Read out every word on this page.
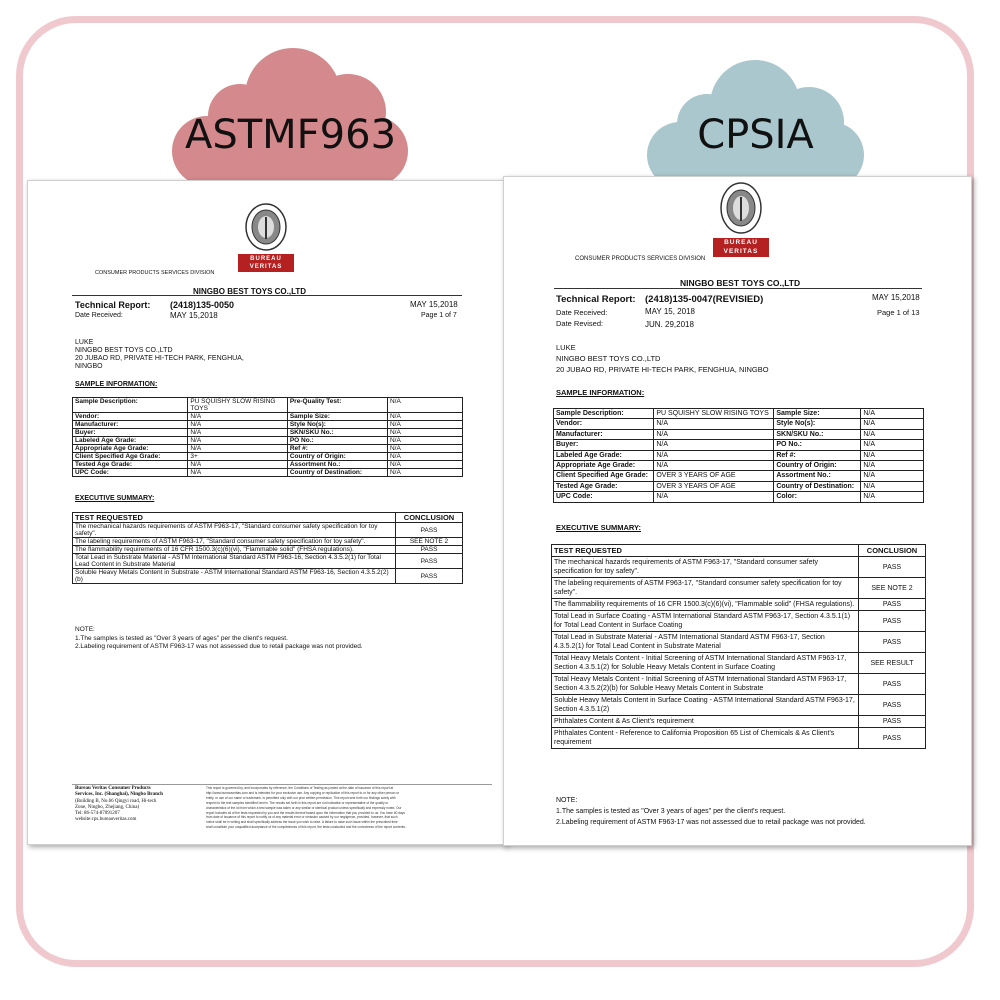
ASTMF963	CPSIA
BUREAU
VERITAS
CONSUMER PRODUCTS SERVICES DIVISION
NINGBO BEST TOYS CO.,LTD
Technical Report: (2418)135-0050	MAY 15,2018
Date Received:	MAY 15,2018	Page 1 of 7
LUKE
NINGBO BEST TOYS CO.,LTD
20 JUBAO RD, PRIVATE HI-TECH PARK, FENGHUA,
NINGBO
SAMPLE INFORMATION:
Sample Description:	PU SQUISHY SLOW RISING TOYS	Pre-Quality Test:	N/A
Vendor:	N/A	Sample Size:	N/A
Manufacturer:	N/A	Style No(s):	N/A
Buyer:	N/A	SKN/SKU No.:	N/A
Labeled Age Grade:	N/A	PO No.:	N/A
Appropriate Age Grade:	N/A	Ref #:	N/A
Client Specified Age Grade:	3+	Country of Origin:	N/A
Tested Age Grade:	N/A	Assortment No.:	N/A
UPC Code:	N/A	Country of Destination:	N/A
EXECUTIVE SUMMARY:
TEST REQUESTED	CONCLUSION
The mechanical hazards requirements of ASTM F963-17, "Standard consumer safety specification for toy safety".	PASS
The labeling requirements of ASTM F963-17, "Standard consumer safety specification for toy safety".	SEE NOTE 2
The flammability requirements of 16 CFR 1500.3(c)(6)(vi), "Flammable solid" (FHSA regulations).	PASS
Total Lead in Substrate Material - ASTM International Standard ASTM F963-16, Section 4.3.5.2(1) for Total Lead Content in Substrate Material	PASS
Soluble Heavy Metals Content in Substrate - ASTM International Standard ASTM F963-16, Section 4.3.5.2(2)(b)	PASS
NOTE:
1.The samples is tested as "Over 3 years of ages" per the client's request.
2.Labeling requirement of ASTM F963-17 was not assessed due to retail package was not provided.
Bureau Veritas Consumer Products
Services, Inc. (Shanghai), Ningbo Branch
(Building B, No.66 Qingyi road, Hi-tech
Zone, Ningbo, Zhejiang, China)
Tel: 86-574-87091207
website:cps.bureauveritas.com
This report is governed by, and incorporates by reference, the Conditions of Testing as posted at the date of issuance of this report at
http://www.bureauveritas.com and is intended for your exclusive use. Any copying or replication of this report to or for any other person or
entity, or use of our name or trademark, is permitted only with our prior written permission. This report sets forth our findings solely with
respect to the test samples identified herein. The results set forth in this report are not indicative or representative of the quality or
characteristics of the lot from which a test sample was taken or any similar or identical product unless specifically and expressly noted. Our
report includes all of the tests requested by you and the results thereof based upon the information that you provided to us. You have 60 days
from date of issuance of this report to notify us of any material error or omission caused by our negligence, provided, however, that such
notice shall be in writing and shall specifically address the issue you wish to raise. A failure to raise such issue within the prescribed time
shall constitute your unqualified acceptance of the completeness of this report, the tests conducted and the correctness of the report contents.
BUREAU
VERITAS
CONSUMER PRODUCTS SERVICES DIVISION
NINGBO BEST TOYS CO.,LTD
Technical Report: (2418)135-0047(REVISIED)	MAY 15,2018
Date Received:	MAY 15, 2018	Page 1 of 13
Date Revised:	JUN. 29,2018
LUKE
NINGBO BEST TOYS CO.,LTD
20 JUBAO RD, PRIVATE HI-TECH PARK, FENGHUA, NINGBO
SAMPLE INFORMATION:
Sample Description:	PU SQUISHY SLOW RISING TOYS	Sample Size:	N/A
Vendor:	N/A	Style No(s):	N/A
Manufacturer:	N/A	SKN/SKU No.:	N/A
Buyer:	N/A	PO No.:	N/A
Labeled Age Grade:	N/A	Ref #:	N/A
Appropriate Age Grade:	N/A	Country of Origin:	N/A
Client Specified Age Grade:	OVER 3 YEARS OF AGE	Assortment No.:	N/A
Tested Age Grade:	OVER 3 YEARS OF AGE	Country of Destination:	N/A
UPC Code:	N/A	Color:	N/A
EXECUTIVE SUMMARY:
TEST REQUESTED	CONCLUSION
The mechanical hazards requirements of ASTM F963-17, "Standard consumer safety specification for toy safety".	PASS
The labeling requirements of ASTM F963-17, "Standard consumer safety specification for toy safety".	SEE NOTE 2
The flammability requirements of 16 CFR 1500.3(c)(6)(vi), "Flammable solid" (FHSA regulations).	PASS
Total Lead in Surface Coating - ASTM International Standard ASTM F963-17, Section 4.3.5.1(1) for Total Lead Content in Surface Coating	PASS
Total Lead in Substrate Material - ASTM International Standard ASTM F963-17, Section 4.3.5.2(1) for Total Lead Content in Substrate Material	PASS
Total Heavy Metals Content - Initial Screening of ASTM International Standard ASTM F963-17, Section 4.3.5.1(2) for Soluble Heavy Metals Content in Surface Coating	SEE RESULT
Total Heavy Metals Content - Initial Screening of ASTM International Standard ASTM F963-17, Section 4.3.5.2(2)(b) for Soluble Heavy Metals Content in Substrate	PASS
Soluble Heavy Metals Content in Surface Coating - ASTM International Standard ASTM F963-17, Section 4.3.5.1(2)	PASS
Phthalates Content & As Client's requirement	PASS
Phthalates Content - Reference to California Proposition 65 List of Chemicals & As Client's requirement	PASS
NOTE:
1.The samples is tested as "Over 3 years of ages" per the client's request.
2.Labeling requirement of ASTM F963-17 was not assessed due to retail package was not provided.
